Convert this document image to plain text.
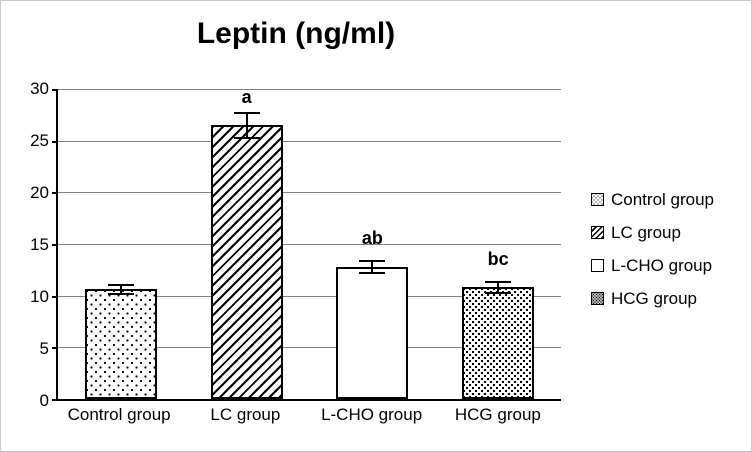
Leptin (ng/ml)
30
25
20
15
10
5
0
a
ab
bc
Control group	LC group	L-CHO group	HCG group
Control group
LC group
L-CHO group
HCG group
